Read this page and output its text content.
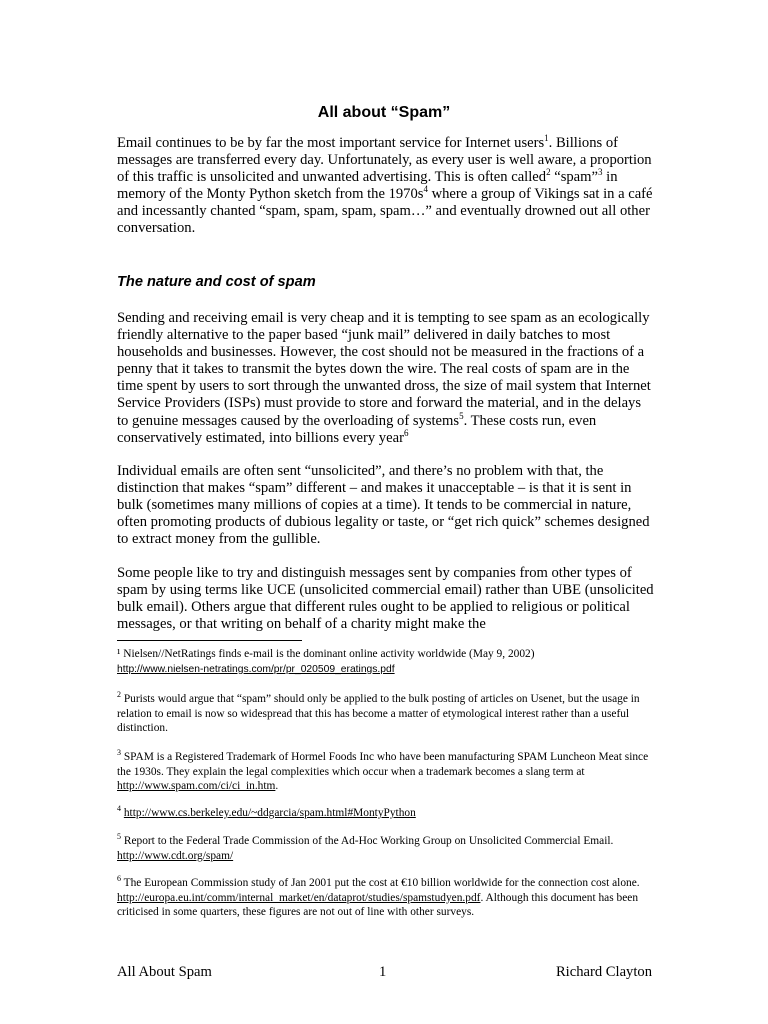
All about “Spam”

Email continues to be by far the most important service for Internet users$^1$. Billions of messages are transferred every day. Unfortunately, as every user is well aware, a proportion of this traffic is unsolicited and unwanted advertising. This is often called$^2$ “spam”$^3$ in memory of the Monty Python sketch from the $1970s^4$ where a group of Vikings sat in a café and incessantly chanted “spam, spam, spam, spam…” and eventually drowned out all other conversation.

The nature and cost of spam

Sending and receiving email is very cheap and it is tempting to see spam as an ecologically friendly alternative to the paper based “junk mail” delivered in daily batches to most households and businesses. However, the cost should not be measured in the fractions of a penny that it takes to transmit the bytes down the wire. The real costs of spam are in the time spent by users to sort through the unwanted dross, the size of mail system that Internet Service Providers (ISPs) must provide to store and forward the material, and in the delays to genuine messages caused by the overloading of systems$^5$. These costs run, even conservatively estimated, into billions every year$^6$

Individual emails are often sent “unsolicited”, and there’s no problem with that, the distinction that makes “spam” different – and makes it unacceptable – is that it is sent in bulk (sometimes many millions of copies at a time). It tends to be commercial in nature, often promoting products of dubious legality or taste, or “get rich quick” schemes designed to extract money from the gullible.

Some people like to try and distinguish messages sent by companies from other types of spam by using terms like UCE (unsolicited commercial email) rather than UBE (unsolicited bulk email). Others argue that different rules ought to be applied to religious or political messages, or that writing on behalf of a charity might make the

¹ Nielsen//NetRatings finds e-mail is the dominant online activity worldwide (May 9, 2002)
http://www.nielsen-netratings.com/pr/pr_020509_eratings.pdf
$^2$ Purists would argue that “spam” should only be applied to the bulk posting of articles on Usenet, but the usage in relation to email is now so widespread that this has become a matter of etymological interest rather than a useful distinction.
$^3$ SPAM is a Registered Trademark of Hormel Foods Inc who have been manufacturing SPAM Luncheon Meat since the 1930s. They explain the legal complexities which occur when a trademark becomes a slang term at http://www.spam.com/ci/ci_in.htm.
$^4$ http://www.cs.berkeley.edu/~ddgarcia/spam.html#MontyPython
$^5$ Report to the Federal Trade Commission of the Ad-Hoc Working Group on Unsolicited Commercial Email. http://www.cdt.org/spam/
$^6$ The European Commission study of Jan 2001 put the cost at €10 billion worldwide for the connection cost alone. http://europa.eu.int/comm/internal_market/en/dataprot/studies/spamstudyen.pdf. Although this document has been criticised in some quarters, these figures are not out of line with other surveys.
All About Spam	1	Richard Clayton
